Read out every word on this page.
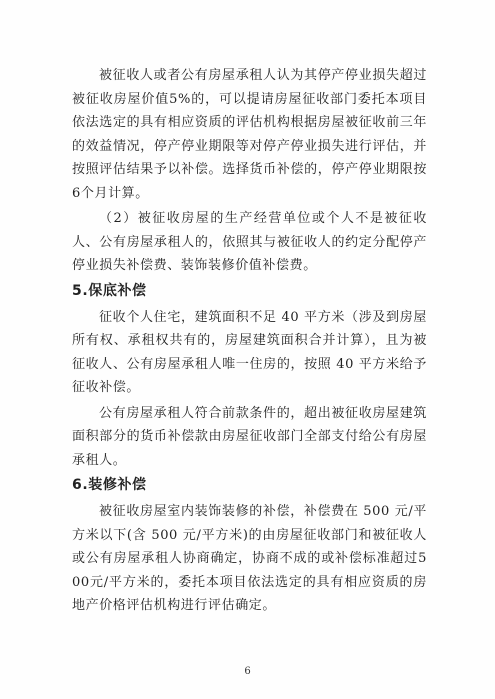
被征收人或者公有房屋承租人认为其停产停业损失超过被征收房屋价值5%的，可以提请房屋征收部门委托本项目依法选定的具有相应资质的评估机构根据房屋被征收前三年的效益情况，停产停业期限等对停产停业损失进行评估，并按照评估结果予以补偿。选择货币补偿的，停产停业期限按6个月计算。

（2）被征收房屋的生产经营单位或个人不是被征收人、公有房屋承租人的，依照其与被征收人的约定分配停产停业损失补偿费、装饰装修价值补偿费。

5.保底补偿

征收个人住宅，建筑面积不足 40 平方米（涉及到房屋所有权、承租权共有的，房屋建筑面积合并计算），且为被征收人、公有房屋承租人唯一住房的，按照 40 平方米给予征收补偿。

公有房屋承租人符合前款条件的，超出被征收房屋建筑面积部分的货币补偿款由房屋征收部门全部支付给公有房屋承租人。

6.装修补偿

被征收房屋室内装饰装修的补偿，补偿费在 500 元/平方米以下(含 500 元/平方米)的由房屋征收部门和被征收人或公有房屋承租人协商确定，协商不成的或补偿标准超过500元/平方米的，委托本项目依法选定的具有相应资质的房地产价格评估机构进行评估确定。

6
